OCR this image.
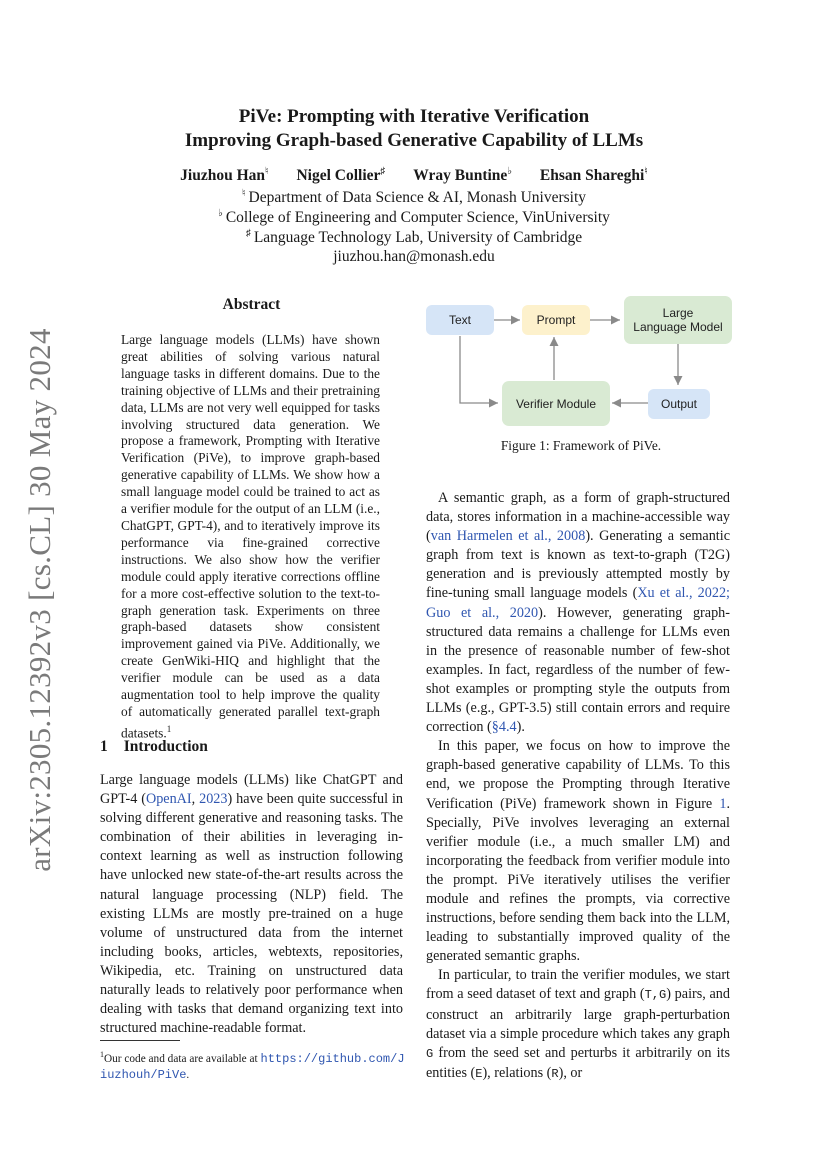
arXiv:2305.12392v3 [cs.CL] 30 May 2024
PiVe: Prompting with Iterative Verification
Improving Graph-based Generative Capability of LLMs
Jiuzhou Han♮ Nigel Collier♯ Wray Buntine♭ Ehsan Shareghi♮
♮ Department of Data Science & AI, Monash University
♭ College of Engineering and Computer Science, VinUniversity
♯ Language Technology Lab, University of Cambridge
jiuzhou.han@monash.edu
Abstract
Large language models (LLMs) have shown great abilities of solving various natural language tasks in different domains. Due to the training objective of LLMs and their pretraining data, LLMs are not very well equipped for tasks involving structured data generation. We propose a framework, Prompting with Iterative Verification (PiVe), to improve graph-based generative capability of LLMs. We show how a small language model could be trained to act as a verifier module for the output of an LLM (i.e., ChatGPT, GPT-4), and to iteratively improve its performance via fine-grained corrective instructions. We also show how the verifier module could apply iterative corrections offline for a more cost-effective solution to the text-to-graph generation task. Experiments on three graph-based datasets show consistent improvement gained via PiVe. Additionally, we create GenWiki-HIQ and highlight that the verifier module can be used as a data augmentation tool to help improve the quality of automatically generated parallel text-graph datasets.$^1$
1 Introduction
Large language models (LLMs) like ChatGPT and GPT-4 (OpenAI, 2023) have been quite successful in solving different generative and reasoning tasks. The combination of their abilities in leveraging in-context learning as well as instruction following have unlocked new state-of-the-art results across the natural language processing (NLP) field. The existing LLMs are mostly pre-trained on a huge volume of unstructured data from the internet including books, articles, webtexts, repositories, Wikipedia, etc. Training on unstructured data naturally leads to relatively poor performance when dealing with tasks that demand organizing text into structured machine-readable format.
$^1$Our code and data are available at https://github.com/Jiuzhouh/PiVe.
Text	Prompt	Large
Language Model
Verifier Module	Output
Figure 1: Framework of PiVe.

A semantic graph, as a form of graph-structured data, stores information in a machine-accessible way (van Harmelen et al., 2008). Generating a semantic graph from text is known as text-to-graph (T2G) generation and is previously attempted mostly by fine-tuning small language models (Xu et al., 2022; Guo et al., 2020). However, generating graph-structured data remains a challenge for LLMs even in the presence of reasonable number of few-shot examples. In fact, regardless of the number of few-shot examples or prompting style the outputs from LLMs (e.g., GPT-3.5) still contain errors and require correction (§4.4).

In this paper, we focus on how to improve the graph-based generative capability of LLMs. To this end, we propose the Prompting through Iterative Verification (PiVe) framework shown in Figure 1. Specially, PiVe involves leveraging an external verifier module (i.e., a much smaller LM) and incorporating the feedback from verifier module into the prompt. PiVe iteratively utilises the verifier module and refines the prompts, via corrective instructions, before sending them back into the LLM, leading to substantially improved quality of the generated semantic graphs.

In particular, to train the verifier modules, we start from a seed dataset of text and graph (T,G) pairs, and construct an arbitrarily large graph-perturbation dataset via a simple procedure which takes any graph G from the seed set and perturbs it arbitrarily on its entities (E), relations (R), or
